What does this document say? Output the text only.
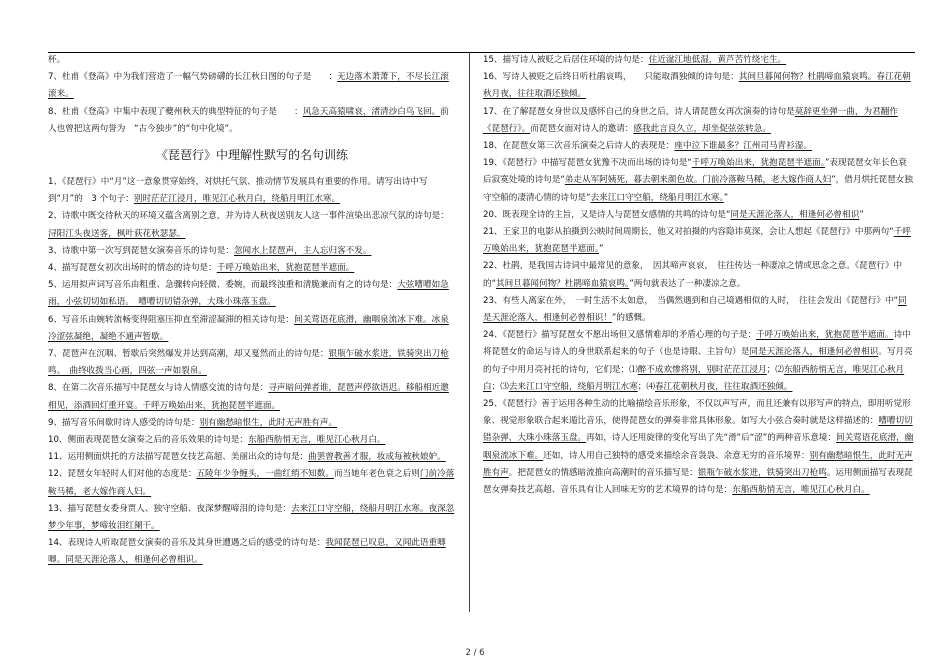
杯。

7、杜甫《登高》中为我们营造了一幅气势磅礴的长江秋日图的句子是　　：无边落木萧萧下，不尽长江滚滚来。

8、杜甫《登高》中集中表现了夔州秋天的典型特征的句子是　　：风急天高猿啸哀，渚清沙白鸟飞回。前人也曾把这两句誉为　“古今独步”的“句中化境”。

《琵琶行》中理解性默写的名句训练

1、《琵琶行》中“月”这一意象贯穿始终，对烘托气氛、推动情节发展具有重要的作用。请写出诗中写到“月”的　3 个句子：别时茫茫江浸月，唯见江心秋月白，绕船月明江水寒。

2、诗歌中既交待秋天的环境又蕴含离别之意，并为诗人秋夜送别友人这一事件渲染出悲凉气氛的诗句是：浔阳江头夜送客，枫叶荻花秋瑟瑟。

3、诗歌中第一次写到琵琶女演奏音乐的诗句是：忽闻水上琵琶声，主人忘归客不发。

4、描写琵琶女初次出场时的情态的诗句是：千呼万唤始出来，犹抱琵琶半遮面。

5、运用拟声词写音乐由粗重、急骤转向轻微、委婉，而最终浊重和清脆兼而有之的诗句是：大弦嘈嘈如急雨，小弦切切如私语。　嘈嘈切切错杂弹，大珠小珠落玉盘。

6、写音乐由婉转流畅变得阻塞压抑直至滞涩凝滞的相关诗句是：间关莺语花底滑，幽咽泉流冰下难。冰泉冷涩弦凝绝，凝绝不通声暂歇。

7、琵琶声在沉咽、暂歇后突然爆发并达到高潮，却又戛然而止的诗句是：银瓶乍破水浆迸，铁骑突出刀枪鸣。　曲终收拨当心画，四弦一声如裂帛。

8、在第二次音乐描写中琵琶女与诗人情感交流的诗句是：寻声暗问弹者谁，琵琶声停欲语迟。移船相近邀相见，添酒回灯重开宴。千呼万唤始出来，犹抱琵琶半遮面。

9、描写音乐间歇时诗人感受的诗句是：别有幽愁暗恨生，此时无声胜有声。

10、侧面表现琵琶女演奏之后的音乐效果的诗句是：东船西舫悄无言，唯见江心秋月白。

11、运用侧面烘托的方法描写琵琶女技艺高超、美丽出众的诗句是：曲罢曾教善才服，妆成每被秋娘妒。

12、琵琶女年轻时人们对他的态度是：五陵年少争缠头，一曲红绡不知数。而当她年老色衰之后则门前冷落鞍马稀，老大嫁作商人妇。

13、描写琵琶女委身贾人、独守空船、夜深梦醒啼泪的诗句是：去来江口守空船，绕船月明江水寒。夜深忽梦少年事，梦啼妆泪红阑干。

14、表现诗人听取琵琶女演奏的音乐及其身世遭遇之后的感受的诗句是：我闻琵琶已叹息，又闻此语重唧唧。同是天涯沦落人，相逢何必曾相识。

15、描写诗人被贬之后居住环境的诗句是：住近湓江地低湿，黄芦苦竹绕宅生。

16、写诗人被贬之后终日听杜鹃哀鸣，　　只能取酒独倾的诗句是：其间旦暮闻何物？杜鹃啼血猿哀鸣。春江花朝秋月夜，往往取酒还独倾。

17、在了解琵琶女身世以及感怀自己的身世之后，诗人请琵琶女再次演奏的诗句是莫辞更坐弹一曲，为君翻作《琵琶行》。而琵琶女面对诗人的邀请：感我此言良久立，却坐促弦弦转急。

18、在琵琶女第三次音乐演奏之后诗人的表现是：座中泣下谁最多？江州司马青衫湿。

19、《琵琶行》中描写琵琶女犹豫不决而出场的诗句是“千呼万唤始出来，犹抱琵琶半遮面。”表现琵琶女年长色衰后寂寞处境的诗句是“弟走从军阿姨死，暮去朝来颜色故。门前冷落鞍马稀，老大嫁作商人妇”，借月烘托琵琶女独守空船的凄清心情的诗句是“去来江口守空船，绕船月明江水寒。”

20、既表现全诗的主旨，又是诗人与琵琶女感情的共鸣的诗句是“同是天涯沦落人，相逢何必曾相识”

21、王家卫的电影从拍摄到公映时间周期长，他又对拍摄的内容隐讳莫深，会让人想起《琵琶行》中那两句“千呼万唤始出来，犹抱琵琶半遮面。”

22、杜鹃，是我国古诗词中最常见的意象，　因其啼声哀哀，　往往传达一种凄凉之情或思念之意。《琵琶行》中的“其间旦暮闻何物？杜鹃啼血猿哀鸣。”两句就表达了一种凄凉之意。

23、有些人离家在外，　一时生活不太如意，　当偶然遇到和自己境遇相似的人时，　往往会发出《琵琶行》中“同是天涯沦落人，相逢何必曾相识！”的感慨。

24、《琵琶行》描写琵琶女不愿出场但又感情难却的矛盾心理的句子是：千呼万唤始出来，犹抱琵琶半遮面。诗中将琵琶女的命运与诗人的身世联系起来的句子（也是诗眼、主旨句）是同是天涯沦落人，相逢何必曾相识。写月亮的句子中用月亮衬托的诗句，它们是：⑴醉不成欢惨将别，别时茫茫江浸月；⑵东船西舫悄无言，唯见江心秋月白；⑶去来江口守空船，绕船月明江水寒；⑷春江花朝秋月夜，往往取酒还独倾。

25、《琵琶行》善于运用各种生动的比喻描绘音乐形象，不仅以声写声，而且还兼有以形写声的特点，即用听觉形象、视觉形象联合起来遁比音乐，使得琵琶女的弹奏非常具体形象。如写大小弦合奏时就是这样描述的：嘈嘈切切错杂弹，大珠小珠落玉盘。再如，诗人还用旋律的变化写出了先“滑”后“涩”的两种音乐意境：间关莺语花底滑，幽咽泉流冰下难。还如，诗人用自己独特的感受来描绘余音袅袅、余意无穷的音乐境界：别有幽愁暗恨生，此时无声胜有声。把琵琶女的情感暗流推向高潮时的音乐描写是：银瓶乍破水浆迸，铁骑突出刀枪鸣。运用侧面描写表现琵琶女弹奏技艺高超、音乐具有让人回味无穷的艺术境界的诗句是：东船西舫悄无言，唯见江心秋月白。

2 / 6
